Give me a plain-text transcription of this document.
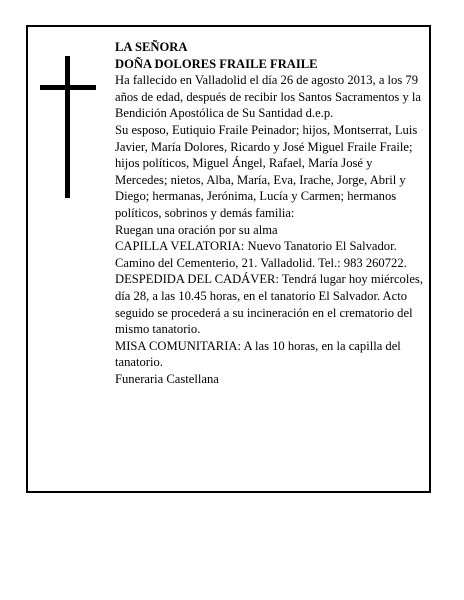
LA SEÑORA

DOÑA DOLORES FRAILE FRAILE

Ha fallecido en Valladolid el día 26 de agosto 2013, a los 79 años de edad, después de recibir los Santos Sacramentos y la Bendición Apostólica de Su Santidad d.e.p.

Su esposo, Eutiquio Fraile Peinador; hijos, Montserrat, Luis Javier, María Dolores, Ricardo y José Miguel Fraile Fraile; hijos políticos, Miguel Ángel, Rafael, María José y Mercedes; nietos, Alba, María, Eva, Irache, Jorge, Abril y Diego; hermanas, Jerónima, Lucía y Carmen; hermanos políticos, sobrinos y demás familia:

Ruegan una oración por su alma

CAPILLA VELATORIA: Nuevo Tanatorio El Salvador. Camino del Cementerio, 21. Valladolid. Tel.: 983 260722.

DESPEDIDA DEL CADÁVER: Tendrá lugar hoy miércoles, día 28, a las 10.45 horas, en el tanatorio El Salvador. Acto seguido se procederá a su incineración en el crematorio del mismo tanatorio.

MISA COMUNITARIA: A las 10 horas, en la capilla del tanatorio.

Funeraria Castellana
